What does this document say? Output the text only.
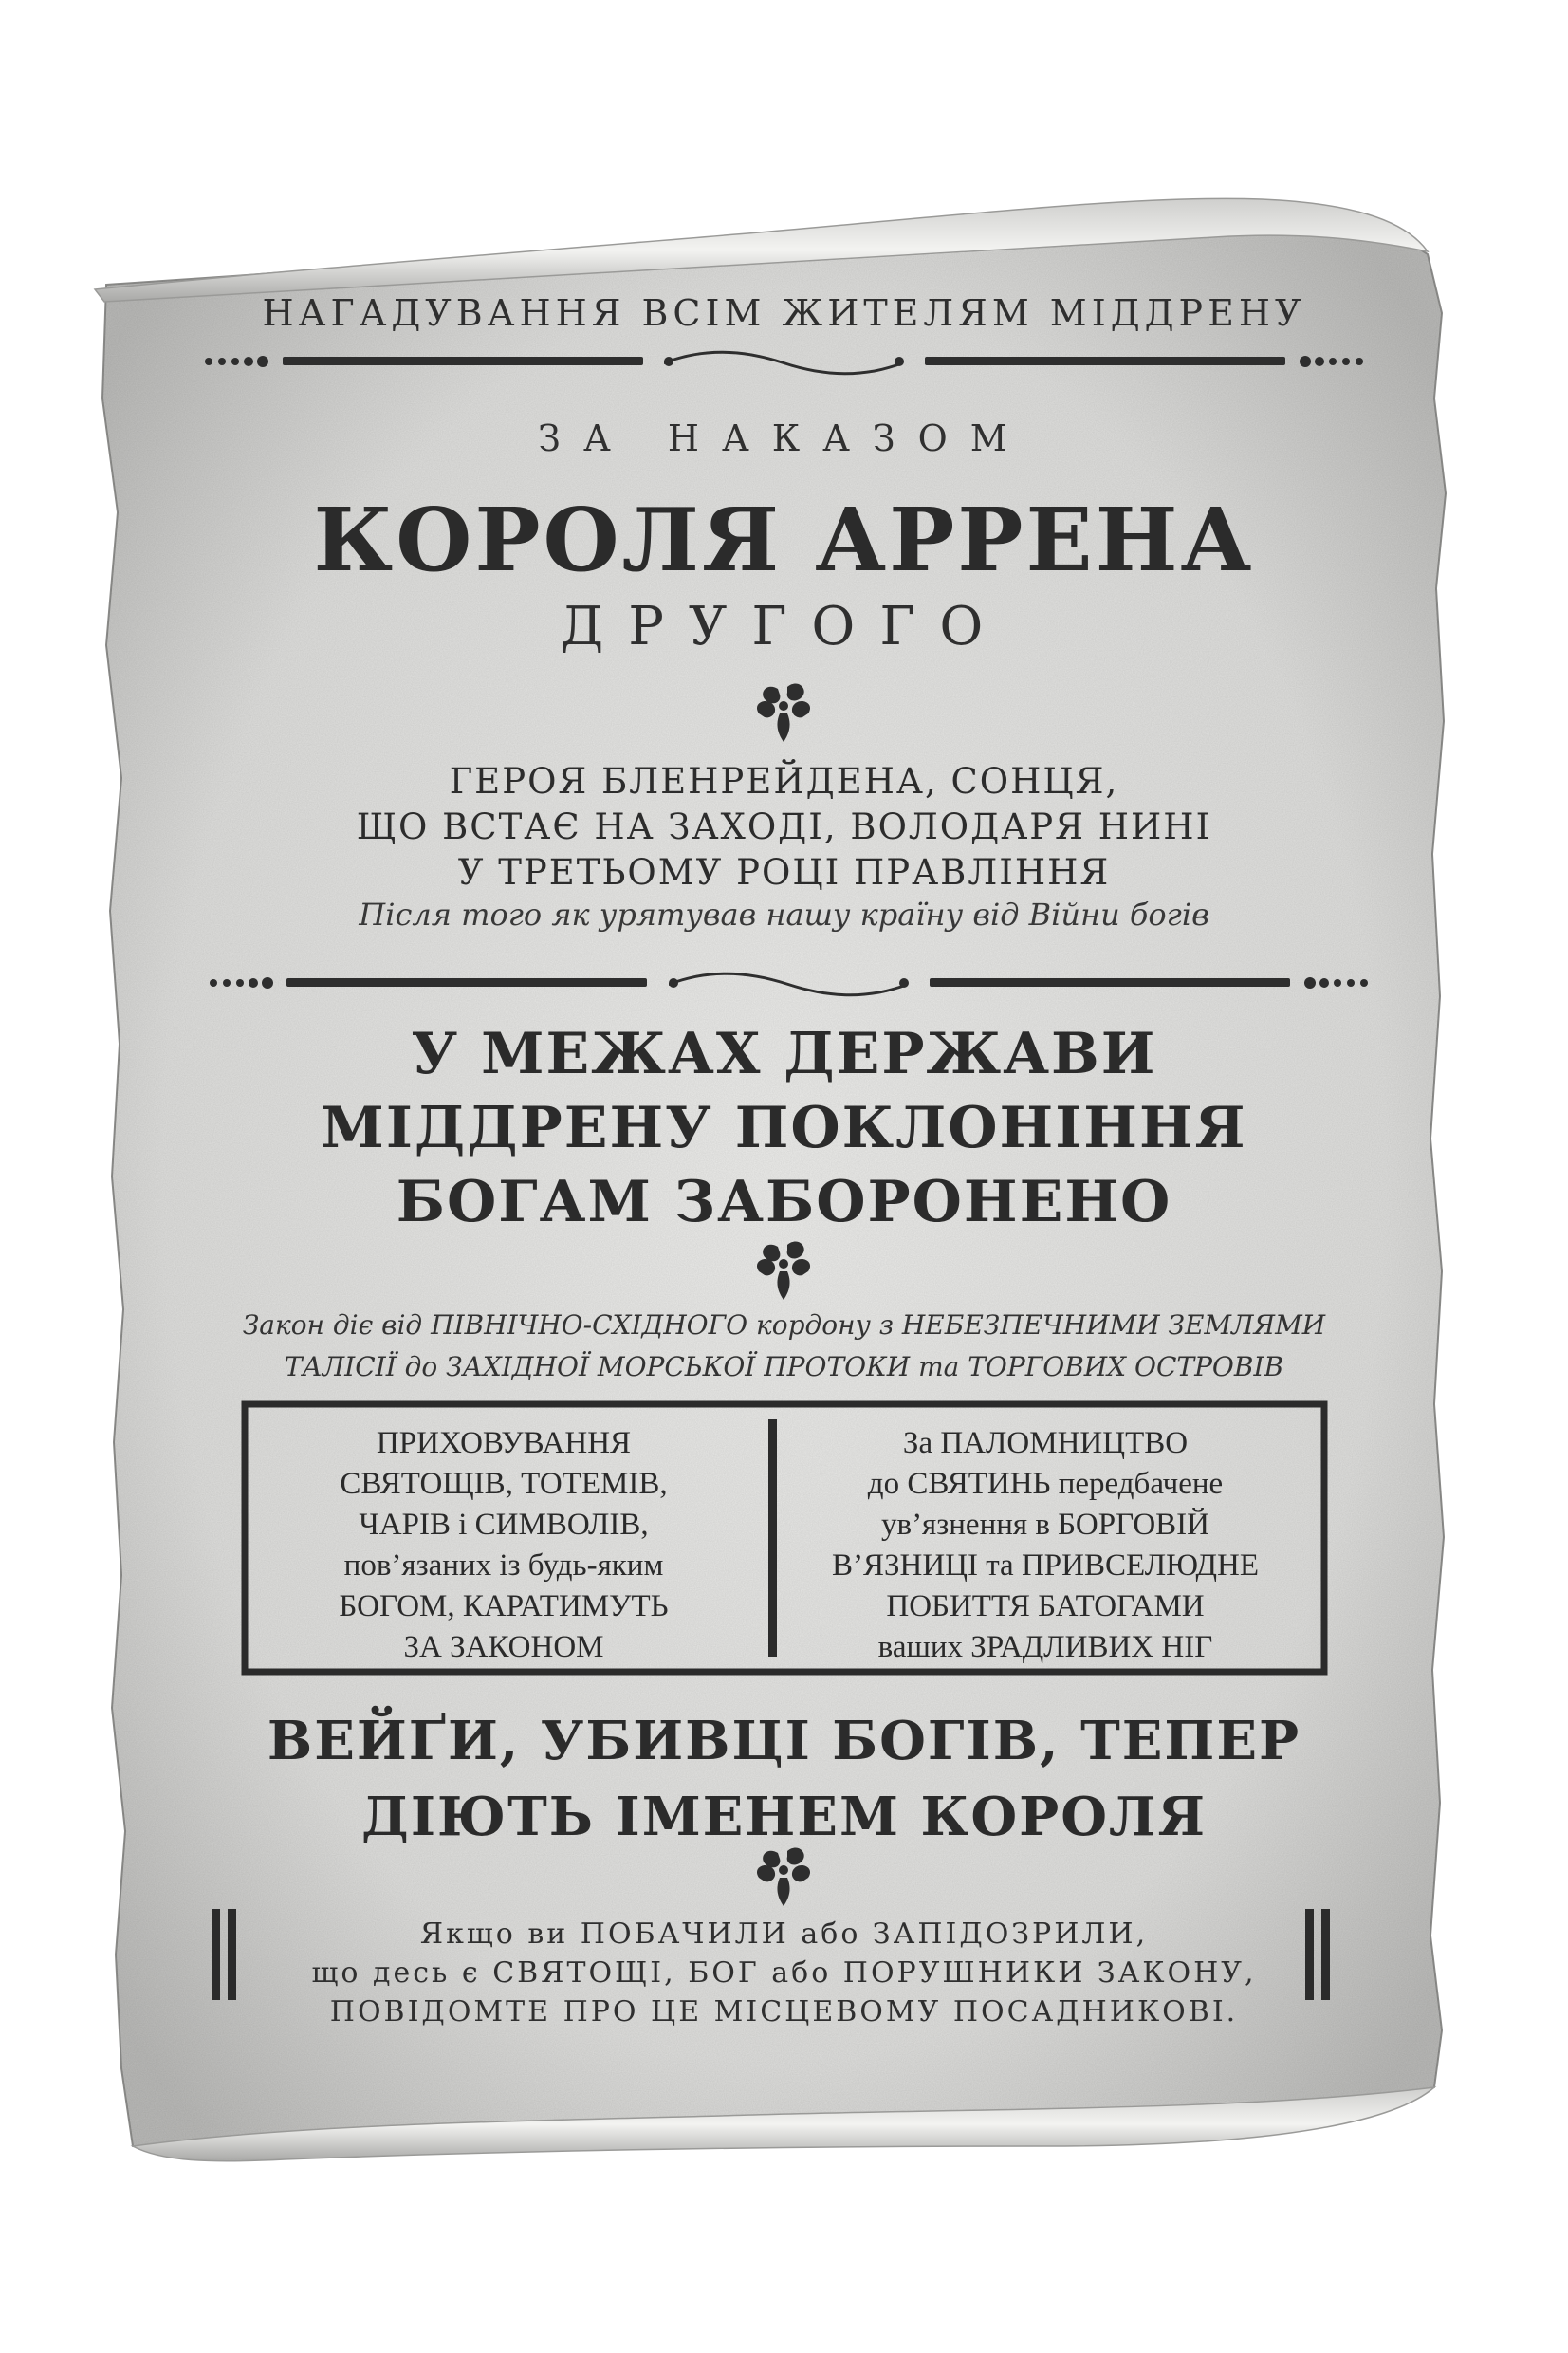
НАГАДУВАННЯ ВСІМ ЖИТЕЛЯМ МІДДРЕНУ
ЗА НАКАЗОМ
КОРОЛЯ АРРЕНА
ДРУГОГО
ГЕРОЯ БЛЕНРЕЙДЕНА, СОНЦЯ,
ЩО ВСТАЄ НА ЗАХОДІ, ВОЛОДАРЯ НИНІ
У ТРЕТЬОМУ РОЦІ ПРАВЛІННЯ
Після того як урятував нашу країну від Війни богів
У МЕЖАХ ДЕРЖАВИ
МІДДРЕНУ ПОКЛОНІННЯ
БОГАМ ЗАБОРОНЕНО
Закон діє від ПІВНІЧНО-СХІДНОГО кордону з НЕБЕЗПЕЧНИМИ ЗЕМЛЯМИ
ТАЛІСІЇ до ЗАХІДНОЇ МОРСЬКОЇ ПРОТОКИ та ТОРГОВИХ ОСТРОВІВ
ПРИХОВУВАННЯ
СВЯТОЩІВ, ТОТЕМІВ,
ЧАРІВ і СИМВОЛІВ,
пов’язаних із будь-яким
БОГОМ, КАРАТИМУТЬ
ЗА ЗАКОНОМ
За ПАЛОМНИЦТВО
до СВЯТИНЬ передбачене
ув’язнення в БОРГОВІЙ
В’ЯЗНИЦІ та ПРИВСЕЛЮДНЕ
ПОБИТТЯ БАТОГАМИ
ваших ЗРАДЛИВИХ НІГ
ВЕЙҐИ, УБИВЦІ БОГІВ, ТЕПЕР
ДІЮТЬ ІМЕНЕМ КОРОЛЯ
Якщо ви ПОБАЧИЛИ або ЗАПІДОЗРИЛИ,
що десь є СВЯТОЩІ, БОГ або ПОРУШНИКИ ЗАКОНУ,
ПОВІДОМТЕ ПРО ЦЕ МІСЦЕВОМУ ПОСАДНИКОВІ.
